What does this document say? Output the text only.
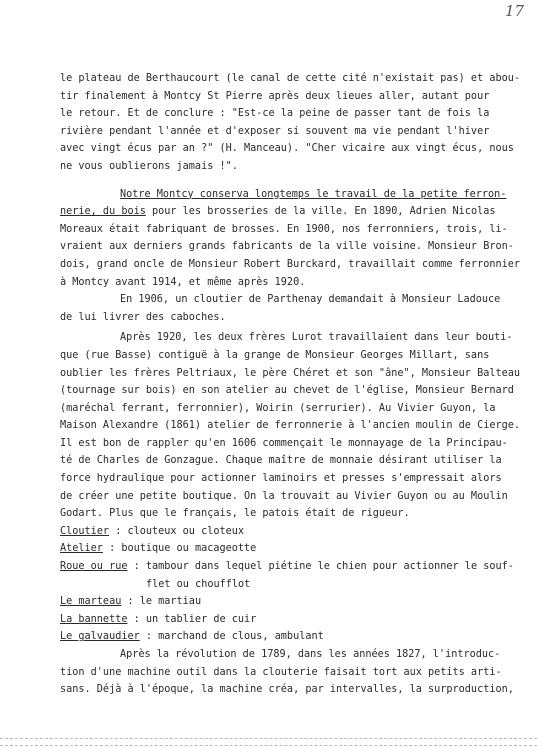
17

le plateau de Berthaucourt (le canal de cette cité n'existait pas) et abou-
tir finalement à Montcy St Pierre après deux lieues aller, autant pour
le retour. Et de conclure : "Est-ce la peine de passer tant de fois la
rivière pendant l'année et d'exposer si souvent ma vie pendant l'hiver
avec vingt écus par an ?" (H. Manceau). "Cher vicaire aux vingt écus, nous
ne vous oublierons jamais !".

Notre Montcy conserva longtemps le travail de la petite ferron-
nerie, du bois pour les brosseries de la ville. En 1890, Adrien Nicolas
Moreaux était fabriquant de brosses. En 1900, nos ferronniers, trois, li-
vraient aux derniers grands fabricants de la ville voisine. Monsieur Bron-
dois, grand oncle de Monsieur Robert Burckard, travaillait comme ferronnier
à Montcy avant 1914, et même après 1920.

En 1906, un cloutier de Parthenay demandait à Monsieur Ladouce
de lui livrer des caboches.

Après 1920, les deux frères Lurot travaillaient dans leur bouti-
que (rue Basse) contiguë à la grange de Monsieur Georges Millart, sans
oublier les frères Peltriaux, le père Chéret et son "âne", Monsieur Balteau
(tournage sur bois) en son atelier au chevet de l'église, Monsieur Bernard
(maréchal ferrant, ferronnier), Woirin (serrurier). Au Vivier Guyon, la
Maison Alexandre (1861) atelier de ferronnerie à l'ancien moulin de Cierge.
Il est bon de rappler qu'en 1606 commençait le monnayage de la Principau-
té de Charles de Gonzague. Chaque maître de monnaie désirant utiliser la
force hydraulique pour actionner laminoirs et presses s'empressait alors
de créer une petite boutique. On la trouvait au Vivier Guyon ou au Moulin
Godart. Plus que le français, le patois était de rigueur.

Cloutier : clouteux ou cloteux
Atelier : boutique ou macageotte
Roue ou rue : tambour dans lequel piétine le chien pour actionner le souf-
flet ou choufflot
Le marteau : le martiau
La bannette : un tablier de cuir
Le galvaudier : marchand de clous, ambulant

Après la révolution de 1789, dans les années 1827, l'introduc-
tion d'une machine outil dans la clouterie faisait tort aux petits arti-
sans. Déjà à l'époque, la machine créa, par intervalles, la surproduction,
